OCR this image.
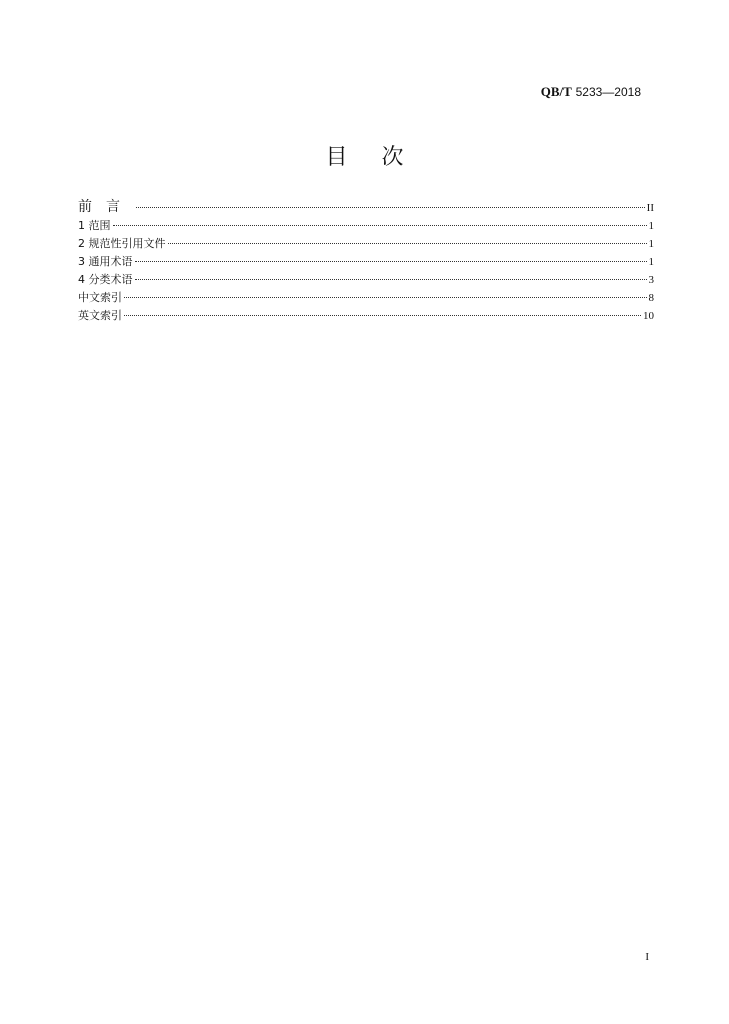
QB/T 5233—2018
目次
前言	II
1 范围	1
2 规范性引用文件	1
3 通用术语	1
4 分类术语	3
中文索引	8
英文索引	10
I
